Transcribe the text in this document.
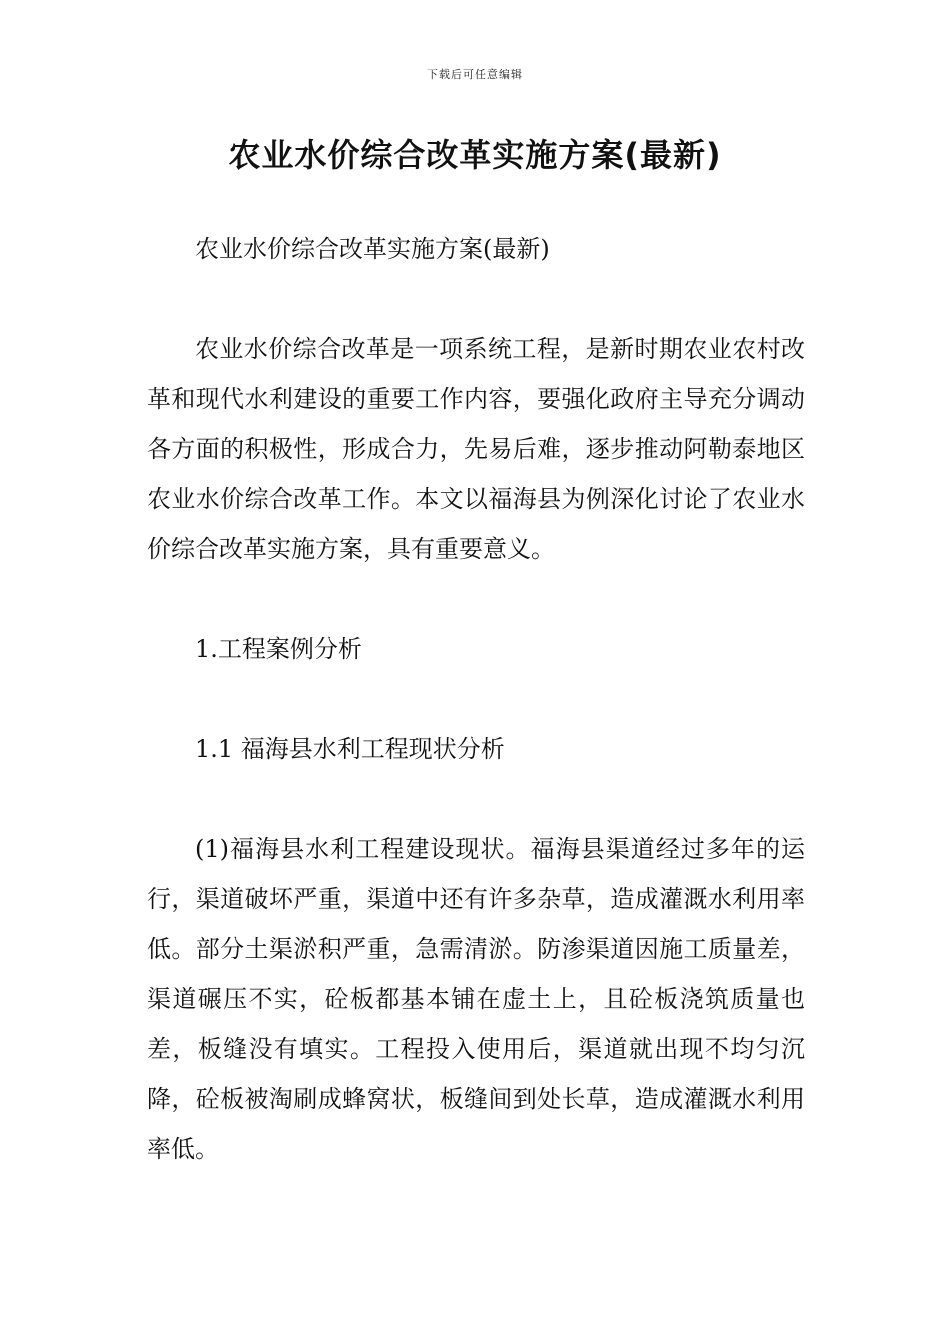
下载后可任意编辑
农业水价综合改革实施方案(最新)

农业水价综合改革实施方案(最新)

农业水价综合改革是一项系统工程，是新时期农业农村改革和现代水利建设的重要工作内容，要强化政府主导充分调动各方面的积极性，形成合力，先易后难，逐步推动阿勒泰地区农业水价综合改革工作。本文以福海县为例深化讨论了农业水价综合改革实施方案，具有重要意义。

1.工程案例分析

1.1 福海县水利工程现状分析

(1)福海县水利工程建设现状。福海县渠道经过多年的运行，渠道破坏严重，渠道中还有许多杂草，造成灌溉水利用率低。部分土渠淤积严重，急需清淤。防渗渠道因施工质量差，渠道碾压不实，砼板都基本铺在虚土上，且砼板浇筑质量也差，板缝没有填实。工程投入使用后，渠道就出现不均匀沉降，砼板被淘刷成蜂窝状，板缝间到处长草，造成灌溉水利用率低。
